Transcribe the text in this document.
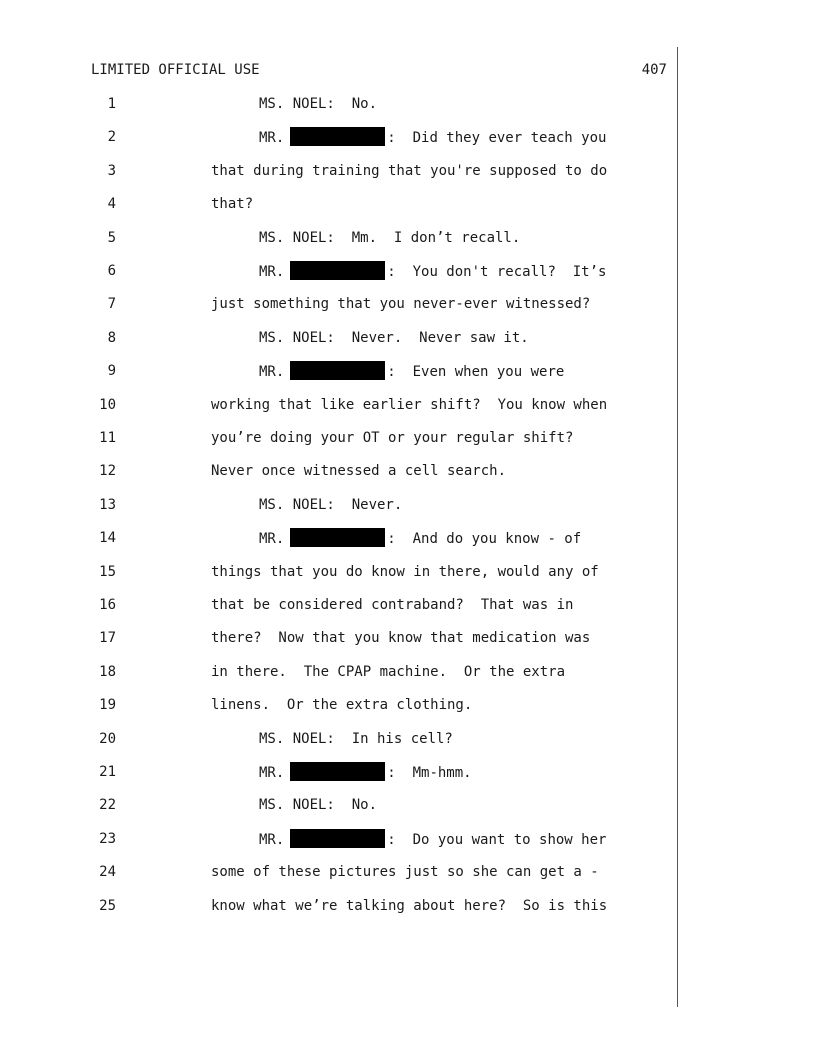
LIMITED OFFICIAL USE	407
1	MS. NOEL: No.
2	MR.	: Did they ever teach you
3	that during training that you're supposed to do
4	that?
5	MS. NOEL: Mm.  I don’t recall.
6	MR.	: You don't recall?  It’s
7	just something that you never-ever witnessed?
8	MS. NOEL: Never.  Never saw it.
9	MR.	: Even when you were
10	working that like earlier shift?  You know when
11	you’re doing your OT or your regular shift?
12	Never once witnessed a cell search.
13	MS. NOEL: Never.
14	MR.	: And do you know - of
15	things that you do know in there, would any of
16	that be considered contraband?  That was in
17	there?  Now that you know that medication was
18	in there.  The CPAP machine.  Or the extra
19	linens.  Or the extra clothing.
20	MS. NOEL: In his cell?
21	MR.	: Mm-hmm.
22	MS. NOEL: No.
23	MR.	: Do you want to show her
24	some of these pictures just so she can get a -
25	know what we’re talking about here?  So is this
